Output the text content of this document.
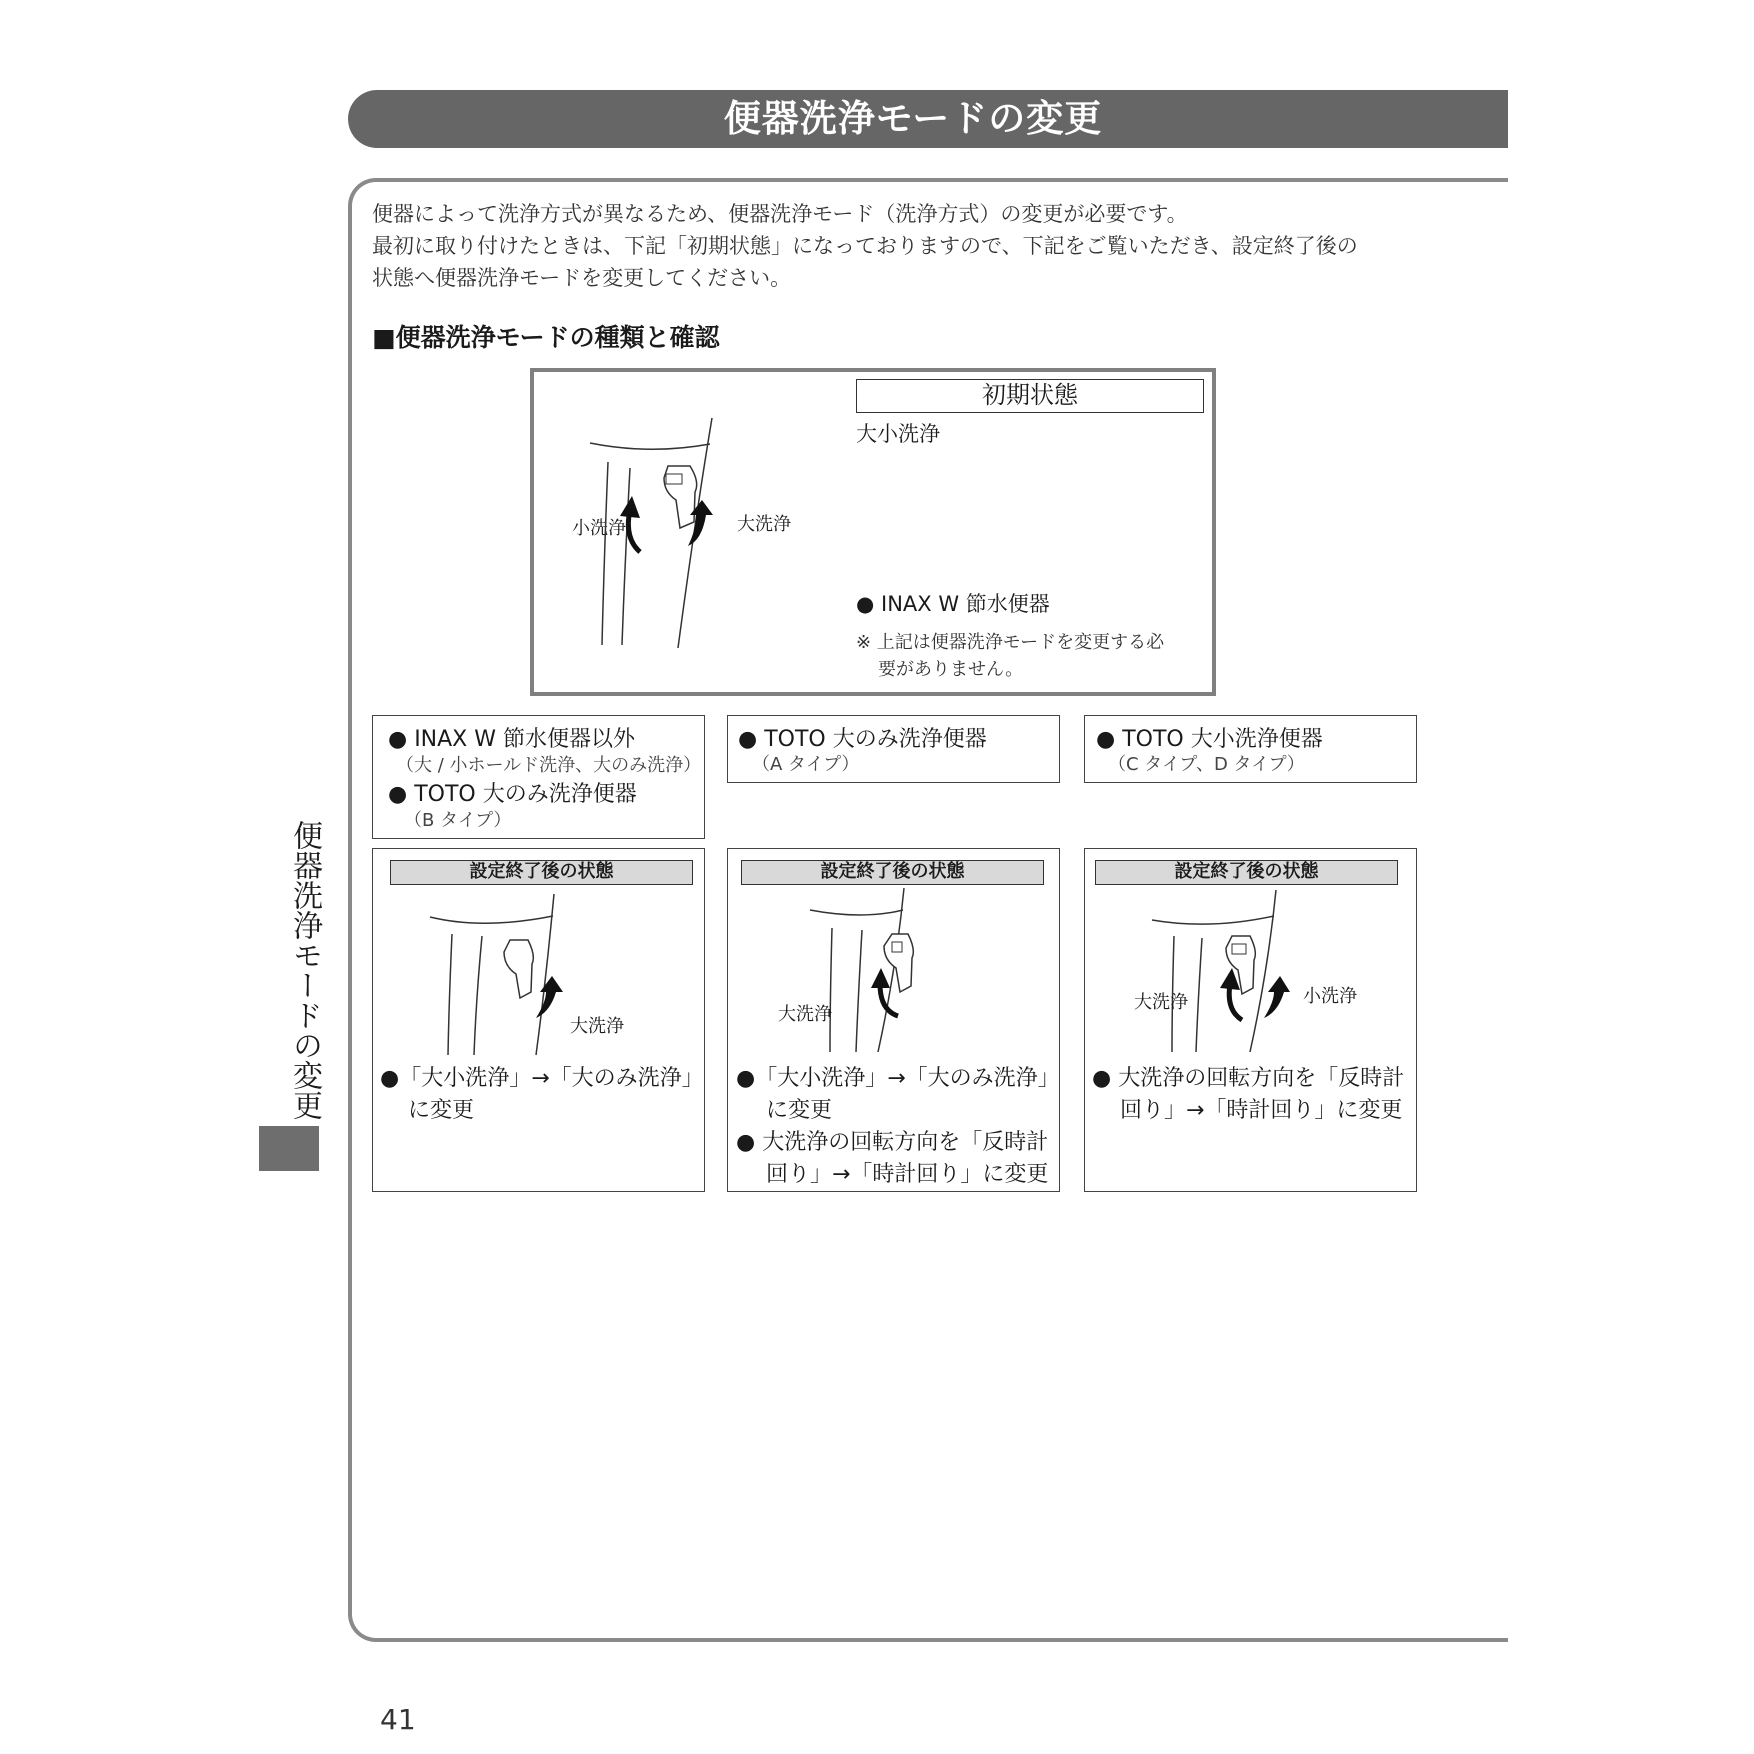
便器洗浄モードの変更
便器によって洗浄方式が異なるため、便器洗浄モード（洗浄方式）の変更が必要です。
最初に取り付けたときは、下記「初期状態」になっておりますので、下記をご覧いただき、設定終了後の
状態へ便器洗浄モードを変更してください。
■便器洗浄モードの種類と確認
初期状態
大小洗浄
小洗浄	大洗浄
● INAX W 節水便器
※ 上記は便器洗浄モードを変更する必
要がありません。
● INAX W 節水便器以外
（大 / 小ホールド洗浄、大のみ洗浄）
● TOTO 大のみ洗浄便器
（B タイプ）
● TOTO 大のみ洗浄便器
（A タイプ）
● TOTO 大小洗浄便器
（C タイプ、D タイプ）
設定終了後の状態
大洗浄
●「大小洗浄」→「大のみ洗浄」
に変更
設定終了後の状態
大洗浄
●「大小洗浄」→「大のみ洗浄」
に変更
● 大洗浄の回転方向を「反時計
回り」→「時計回り」に変更
設定終了後の状態
大洗浄	小洗浄
● 大洗浄の回転方向を「反時計
回り」→「時計回り」に変更
便器洗浄モードの変更
41
